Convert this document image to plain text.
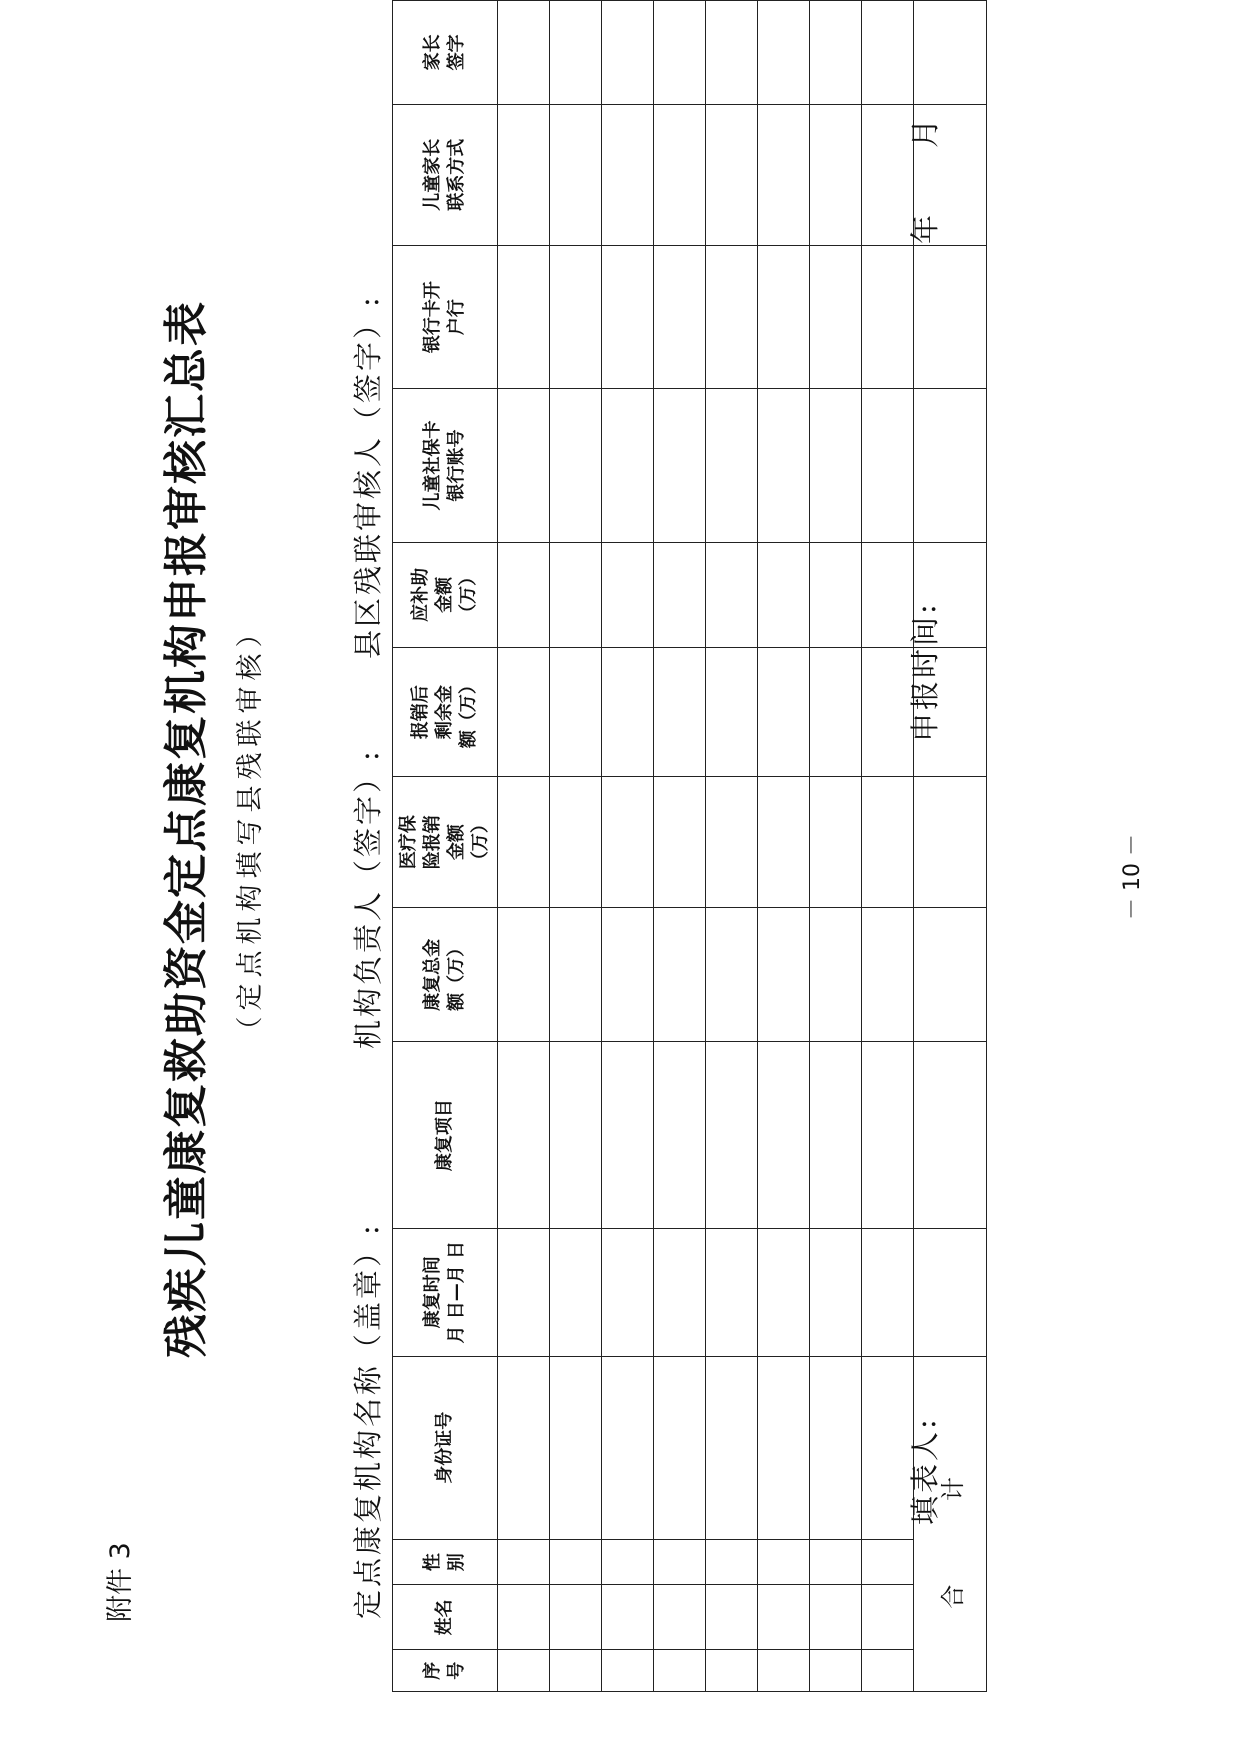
附件 3
残疾儿童康复救助资金定点康复机构申报审核汇总表 （定点机构填写县残联审核）
定点康复机构名称（盖章）:
机构负责人（签字）:
县区残联审核人（签字）:
序 号	姓名	性 别	身份证号	康复时间 月 日—月 日	康复项目	康复总金 额（万）	医疗保 险报销 金额 （万）	报销后 剩余金 额（万）	应补助 金额 （万）	儿童社保卡 银行账号	银行卡开 户行	儿童家长 联系方式	家长 签字

合 计													
填表人:
申报时间:
年　　月
－ 10 －
